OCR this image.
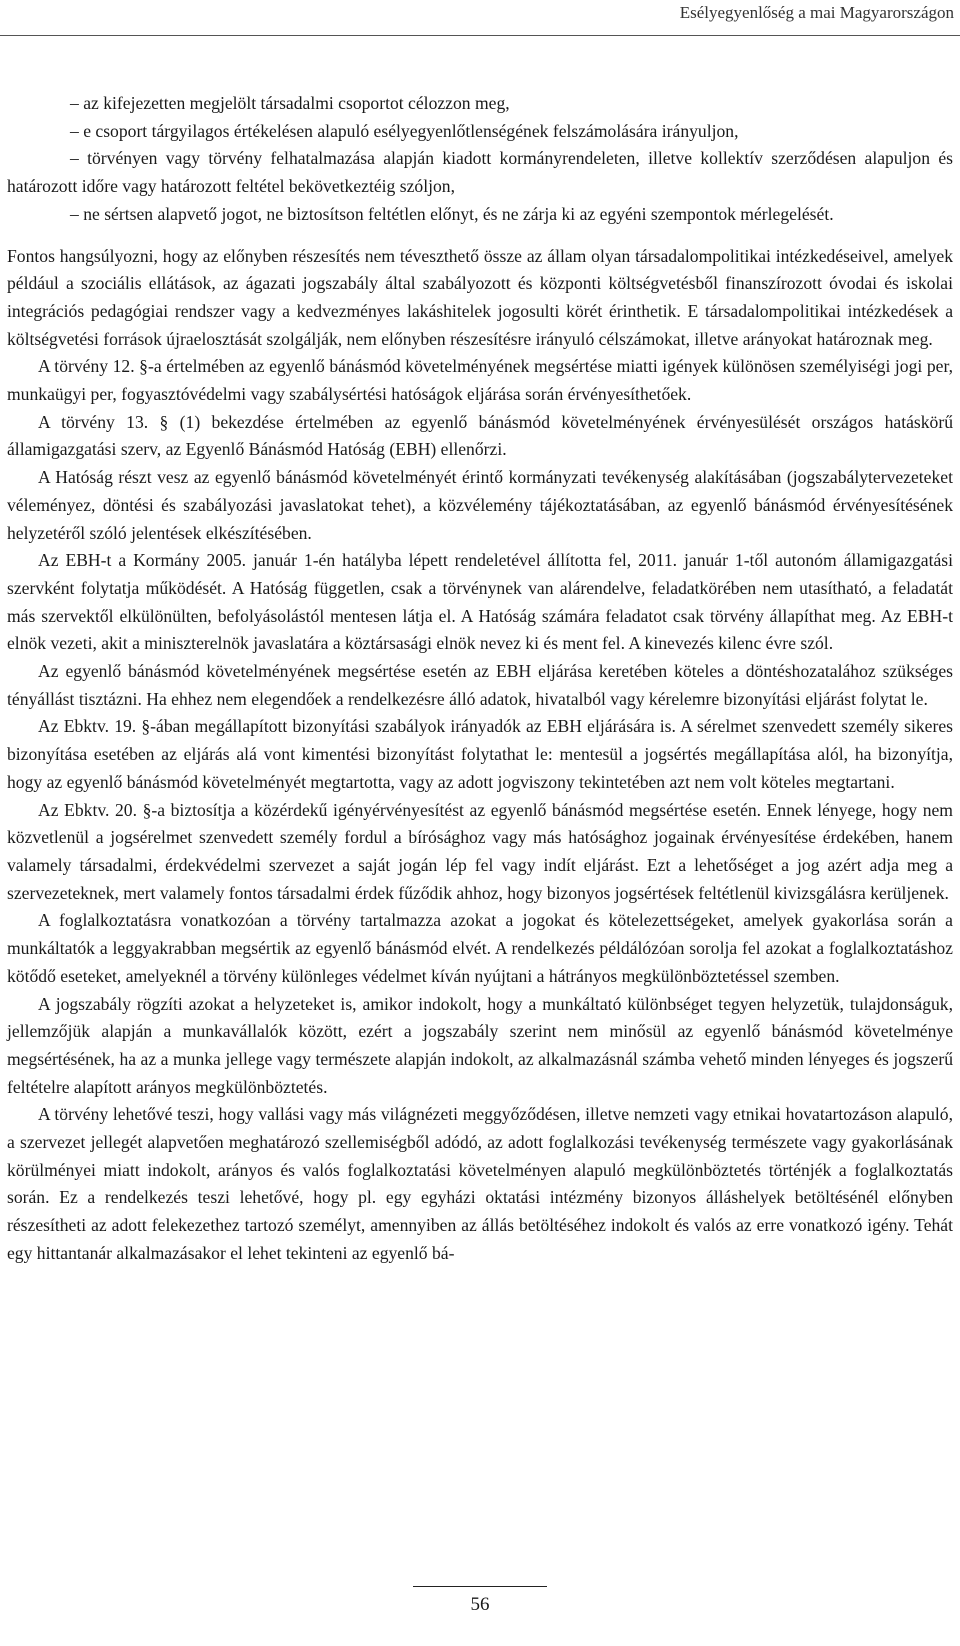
Esélyegyenlőség a mai Magyarországon
– az kifejezetten megjelölt társadalmi csoportot célozzon meg,
– e csoport tárgyilagos értékelésen alapuló esélyegyenlőtlenségének felszámolására irányuljon,
– törvényen vagy törvény felhatalmazása alapján kiadott kormányrendeleten, illetve kollektív szerződésen alapuljon és határozott időre vagy határozott feltétel bekövetkeztéig szóljon,
– ne sértsen alapvető jogot, ne biztosítson feltétlen előnyt, és ne zárja ki az egyéni szempontok mérlegelését.

Fontos hangsúlyozni, hogy az előnyben részesítés nem téveszthető össze az állam olyan társadalompolitikai intézkedéseivel, amelyek például a szociális ellátások, az ágazati jogszabály által szabályozott és központi költségvetésből finanszírozott óvodai és iskolai integrációs pedagógiai rendszer vagy a kedvezményes lakáshitelek jogosulti körét érinthetik. E társadalompolitikai intézkedések a költségvetési források újraelosztását szolgálják, nem előnyben részesítésre irányuló célszámokat, illetve arányokat határoznak meg.

A törvény 12. §-a értelmében az egyenlő bánásmód követelményének megsértése miatti igények különösen személyiségi jogi per, munkaügyi per, fogyasztóvédelmi vagy szabálysértési hatóságok eljárása során érvényesíthetőek.

A törvény 13. § (1) bekezdése értelmében az egyenlő bánásmód követelményének érvényesülését országos hatáskörű államigazgatási szerv, az Egyenlő Bánásmód Hatóság (EBH) ellenőrzi.

A Hatóság részt vesz az egyenlő bánásmód követelményét érintő kormányzati tevékenység alakításában (jogszabálytervezeteket véleményez, döntési és szabályozási javaslatokat tehet), a közvélemény tájékoztatásában, az egyenlő bánásmód érvényesítésének helyzetéről szóló jelentések elkészítésében.

Az EBH-t a Kormány 2005. január 1-én hatályba lépett rendeletével állította fel, 2011. január 1-től autonóm államigazgatási szervként folytatja működését. A Hatóság független, csak a törvénynek van alárendelve, feladatkörében nem utasítható, a feladatát más szervektől elkülönülten, befolyásolástól mentesen látja el. A Hatóság számára feladatot csak törvény állapíthat meg. Az EBH-t elnök vezeti, akit a miniszterelnök javaslatára a köztársasági elnök nevez ki és ment fel. A kinevezés kilenc évre szól.

Az egyenlő bánásmód követelményének megsértése esetén az EBH eljárása keretében köteles a döntéshozatalához szükséges tényállást tisztázni. Ha ehhez nem elegendőek a rendelkezésre álló adatok, hivatalból vagy kérelemre bizonyítási eljárást folytat le.

Az Ebktv. 19. §-ában megállapított bizonyítási szabályok irányadók az EBH eljárására is. A sérelmet szenvedett személy sikeres bizonyítása esetében az eljárás alá vont kimentési bizonyítást folytathat le: mentesül a jogsértés megállapítása alól, ha bizonyítja, hogy az egyenlő bánásmód követelményét megtartotta, vagy az adott jogviszony tekintetében azt nem volt köteles megtartani.

Az Ebktv. 20. §-a biztosítja a közérdekű igényérvényesítést az egyenlő bánásmód megsértése esetén. Ennek lényege, hogy nem közvetlenül a jogsérelmet szenvedett személy fordul a bírósághoz vagy más hatósághoz jogainak érvényesítése érdekében, hanem valamely társadalmi, érdekvédelmi szervezet a saját jogán lép fel vagy indít eljárást. Ezt a lehetőséget a jog azért adja meg a szervezeteknek, mert valamely fontos társadalmi érdek fűződik ahhoz, hogy bizonyos jogsértések feltétlenül kivizsgálásra kerüljenek.

A foglalkoztatásra vonatkozóan a törvény tartalmazza azokat a jogokat és kötelezettségeket, amelyek gyakorlása során a munkáltatók a leggyakrabban megsértik az egyenlő bánásmód elvét. A rendelkezés példálózóan sorolja fel azokat a foglalkoztatáshoz kötődő eseteket, amelyeknél a törvény különleges védelmet kíván nyújtani a hátrányos megkülönböztetéssel szemben.

A jogszabály rögzíti azokat a helyzeteket is, amikor indokolt, hogy a munkáltató különbséget tegyen helyzetük, tulajdonságuk, jellemzőjük alapján a munkavállalók között, ezért a jogszabály szerint nem minősül az egyenlő bánásmód követelménye megsértésének, ha az a munka jellege vagy természete alapján indokolt, az alkalmazásnál számba vehető minden lényeges és jogszerű feltételre alapított arányos megkülönböztetés.

A törvény lehetővé teszi, hogy vallási vagy más világnézeti meggyőződésen, illetve nemzeti vagy etnikai hovatartozáson alapuló, a szervezet jellegét alapvetően meghatározó szellemiségből adódó, az adott foglalkozási tevékenység természete vagy gyakorlásának körülményei miatt indokolt, arányos és valós foglalkoztatási követelményen alapuló megkülönböztetés történjék a foglalkoztatás során. Ez a rendelkezés teszi lehetővé, hogy pl. egy egyházi oktatási intézmény bizonyos álláshelyek betöltésénél előnyben részesítheti az adott felekezethez tartozó személyt, amennyiben az állás betöltéséhez indokolt és valós az erre vonatkozó igény. Tehát egy hittantanár alkalmazásakor el lehet tekinteni az egyenlő bá-

56
